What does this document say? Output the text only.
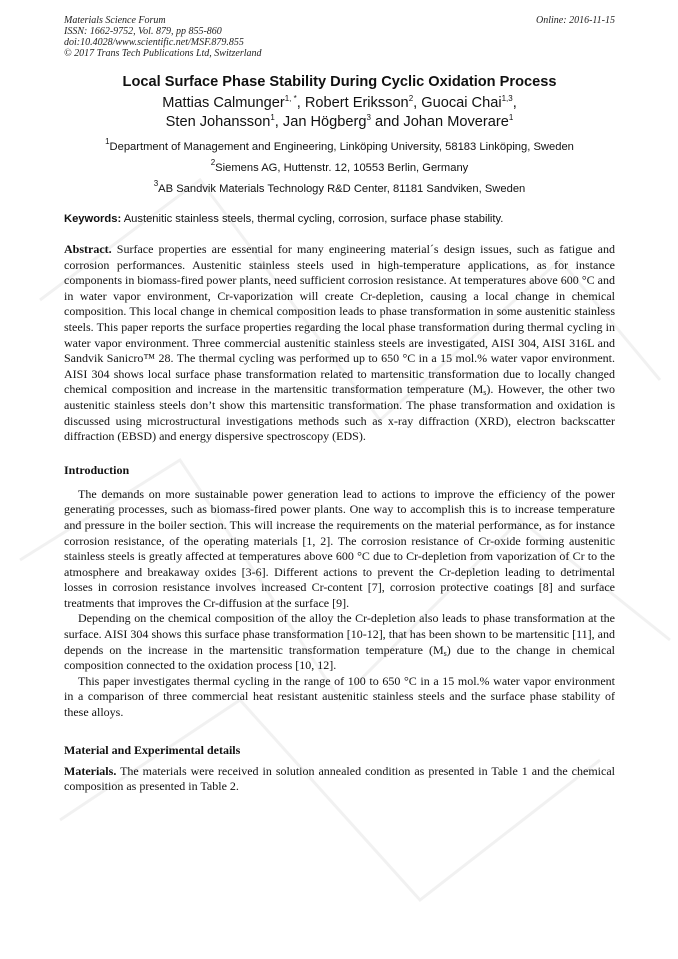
Materials Science Forum
ISSN: 1662-9752, Vol. 879, pp 855-860
doi:10.4028/www.scientific.net/MSF.879.855
© 2017 Trans Tech Publications Ltd, Switzerland
Online: 2016-11-15
Local Surface Phase Stability During Cyclic Oxidation Process
Mattias Calmunger$^{1, *}$, Robert Eriksson$^2$, Guocai Chai$^{1,3}$,
Sten Johansson$^1$, Jan Högberg$^3$ and Johan Moverare$^1$
$^1$Department of Management and Engineering, Linköping University, 58183 Linköping, Sweden
$^2$Siemens AG, Huttenstr. 12, 10553 Berlin, Germany
$^3$AB Sandvik Materials Technology R&D Center, 81181 Sandviken, Sweden
Keywords: Austenitic stainless steels, thermal cycling, corrosion, surface phase stability.
Abstract. Surface properties are essential for many engineering material´s design issues, such as fatigue and corrosion performances. Austenitic stainless steels used in high-temperature applications, as for instance components in biomass-fired power plants, need sufficient corrosion resistance. At temperatures above 600 °C and in water vapor environment, Cr-vaporization will create Cr-depletion, causing a local change in chemical composition. This local change in chemical composition leads to phase transformation in some austenitic stainless steels. This paper reports the surface properties regarding the local phase transformation during thermal cycling in water vapor environment. Three commercial austenitic stainless steels are investigated, AISI 304, AISI 316L and Sandvik Sanicro™ 28. The thermal cycling was performed up to 650 °C in a 15 mol.% water vapor environment. AISI 304 shows local surface phase transformation related to martensitic transformation due to locally changed chemical composition and increase in the martensitic transformation temperature $(M_s)$. However, the other two austenitic stainless steels don’t show this martensitic transformation. The phase transformation and oxidation is discussed using microstructural investigations methods such as x-ray diffraction (XRD), electron backscatter diffraction (EBSD) and energy dispersive spectroscopy (EDS).
Introduction
The demands on more sustainable power generation lead to actions to improve the efficiency of the power generating processes, such as biomass-fired power plants. One way to accomplish this is to increase temperature and pressure in the boiler section. This will increase the requirements on the material performance, as for instance corrosion resistance, of the operating materials [1, 2]. The corrosion resistance of Cr-oxide forming austenitic stainless steels is greatly affected at temperatures above 600 °C due to Cr-depletion from vaporization of Cr to the atmosphere and breakaway oxides [3-6]. Different actions to prevent the Cr-depletion leading to detrimental losses in corrosion resistance involves increased Cr-content [7], corrosion protective coatings [8] and surface treatments that improves the Cr-diffusion at the surface [9].
Depending on the chemical composition of the alloy the Cr-depletion also leads to phase transformation at the surface. AISI 304 shows this surface phase transformation [10-12], that has been shown to be martensitic [11], and depends on the increase in the martensitic transformation temperature $(M_s)$ due to the change in chemical composition connected to the oxidation process [10, 12].
This paper investigates thermal cycling in the range of 100 to 650 °C in a 15 mol.% water vapor environment in a comparison of three commercial heat resistant austenitic stainless steels and the surface phase stability of these alloys.
Material and Experimental details
Materials. The materials were received in solution annealed condition as presented in Table 1 and the chemical composition as presented in Table 2.
